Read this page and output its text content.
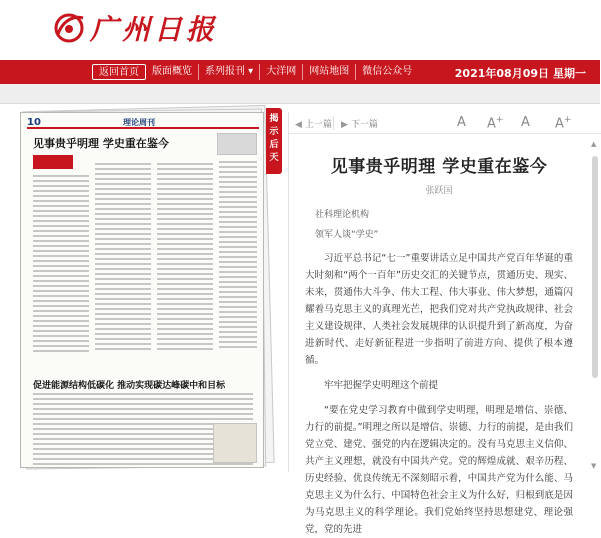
广州日报
返回首页	版面概览	系列报刊 ▾	大洋网	网站地图	微信公众号	2021年08月09日 星期一
10	理论周刊
见事贵乎明理 学史重在鉴今
促进能源结构低碳化 推动实现碳达峰碳中和目标
揭
示
后
天
◀ 上一篇 ▶ 下一篇	A A+ A A+
见事贵乎明理 学史重在鉴今
张跃国
社科理论机构
领军人谈“学史”

习近平总书记“七一”重要讲话立足中国共产党百年华诞的重大时刻和“两个一百年”历史交汇的关键节点，贯通历史、现实、未来，贯通伟大斗争、伟大工程、伟大事业、伟大梦想，通篇闪耀着马克思主义的真理光芒，把我们党对共产党执政规律、社会主义建设规律、人类社会发展规律的认识提升到了新高度，为奋进新时代、走好新征程进一步指明了前进方向、提供了根本遵循。

牢牢把握学史明理这个前提

“要在党史学习教育中做到学史明理，明理是增信、崇德、力行的前提。”明理之所以是增信、崇德、力行的前提，是由我们党立党、建党、强党的内在逻辑决定的。没有马克思主义信仰、共产主义理想，就没有中国共产党。党的辉煌成就、艰辛历程、历史经验、优良传统无不深刻昭示着，中国共产党为什么能、马克思主义为什么行、中国特色社会主义为什么好，归根到底是因为马克思主义的科学理论。我们党始终坚持思想建党、理论强党，党的先进

▲
▼
